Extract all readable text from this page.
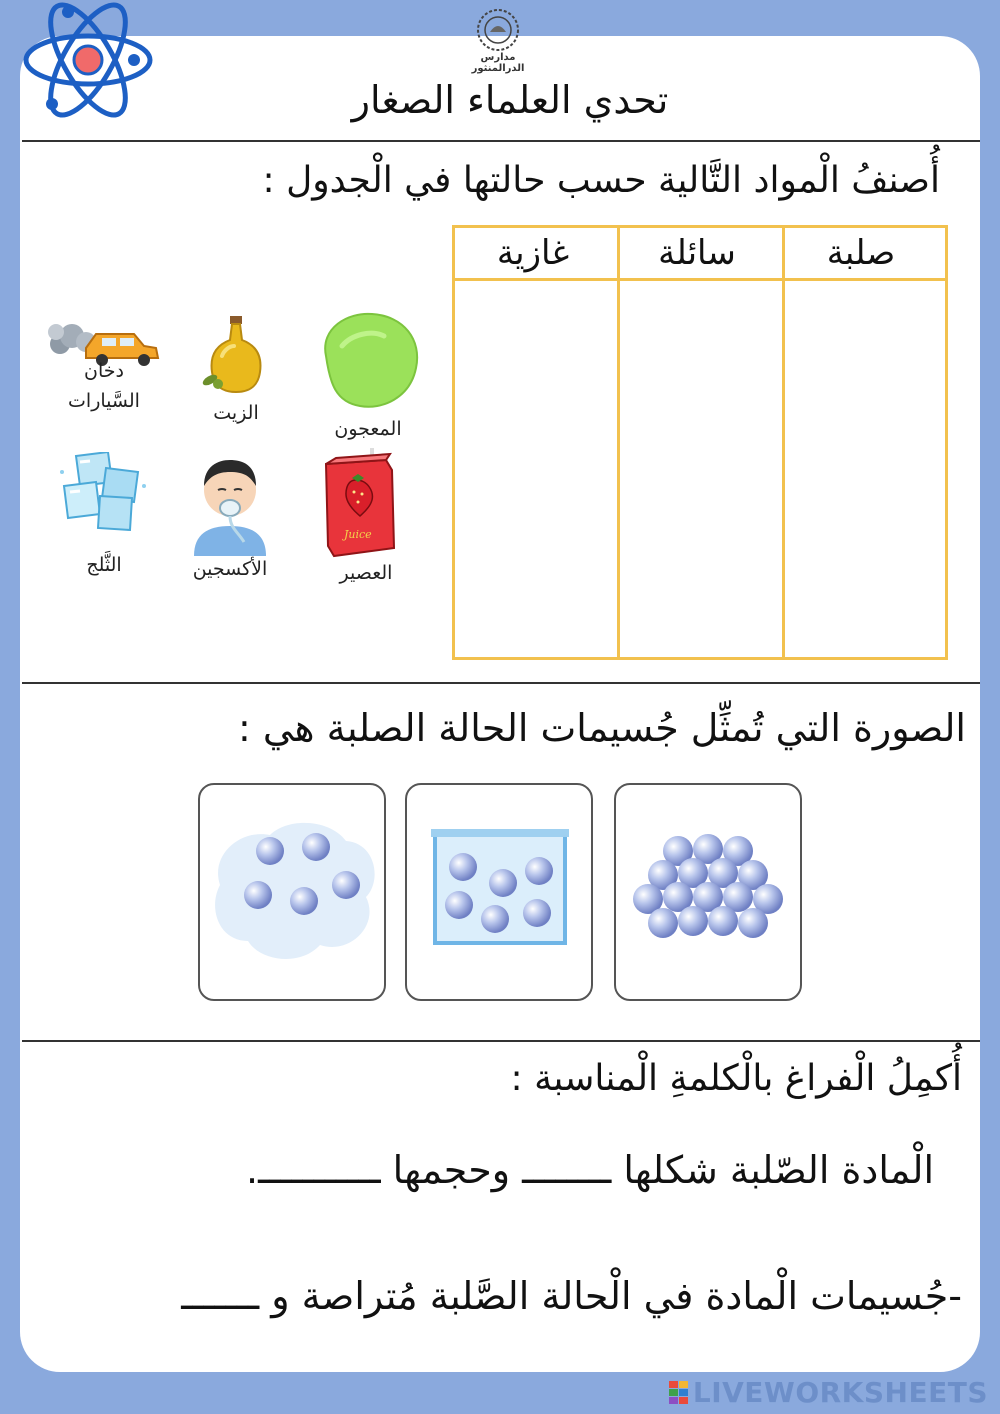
مدارس الدرالمنثور
تحدي العلماء الصغار
أُصنفُ الْمواد التَّالية حسب حالتها في الْجدول :
صلبة
سائلة
غازية
المعجون
الزيت
دخان
السَّيارات
Juice
العصير
الأكسجين
الثَّلج
الصورة التي تُمثِّل جُسيمات الحالة الصلبة هي :
أُكمِلُ الْفراغ بالْكلمةِ الْمناسبة :
الْمادة الصّلبة شكلها ــــــــ وحجمها ـــــــــــ.
-جُسيمات الْمادة في الْحالة الصَّلبة مُتراصة و ـــــــ
LIVEWORKSHEETS
